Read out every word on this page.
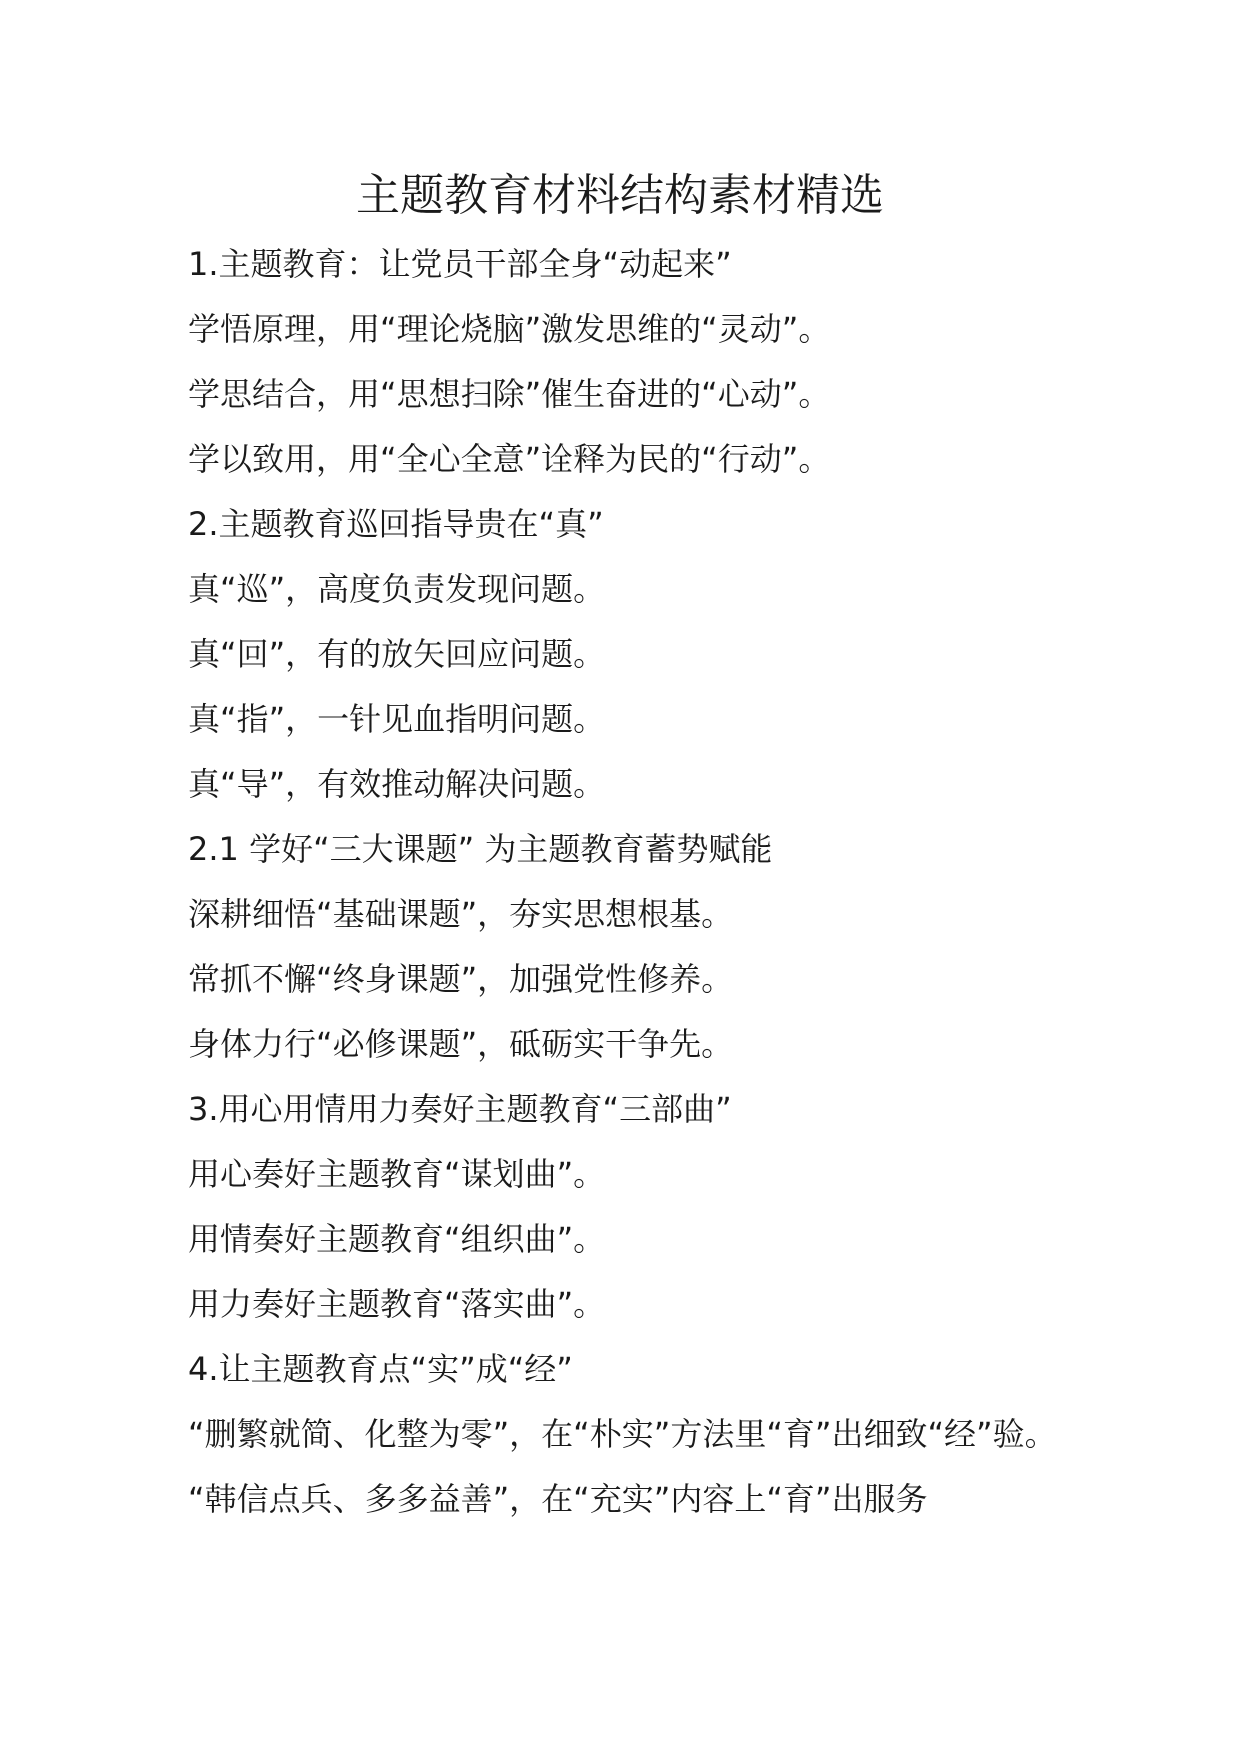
主题教育材料结构素材精选
1.主题教育：让党员干部全身“动起来”
学悟原理，用“理论烧脑”激发思维的“灵动”。
学思结合，用“思想扫除”催生奋进的“心动”。
学以致用，用“全心全意”诠释为民的“行动”。
2.主题教育巡回指导贵在“真”
真“巡”，高度负责发现问题。
真“回”，有的放矢回应问题。
真“指”，一针见血指明问题。
真“导”，有效推动解决问题。
2.1 学好“三大课题” 为主题教育蓄势赋能
深耕细悟“基础课题”，夯实思想根基。
常抓不懈“终身课题”，加强党性修养。
身体力行“必修课题”，砥砺实干争先。
3.用心用情用力奏好主题教育“三部曲”
用心奏好主题教育“谋划曲”。
用情奏好主题教育“组织曲”。
用力奏好主题教育“落实曲”。
4.让主题教育点“实”成“经”
“删繁就简、化整为零”，在“朴实”方法里“育”出细致“经”验。
“韩信点兵、多多益善”，在“充实”内容上“育”出服务
